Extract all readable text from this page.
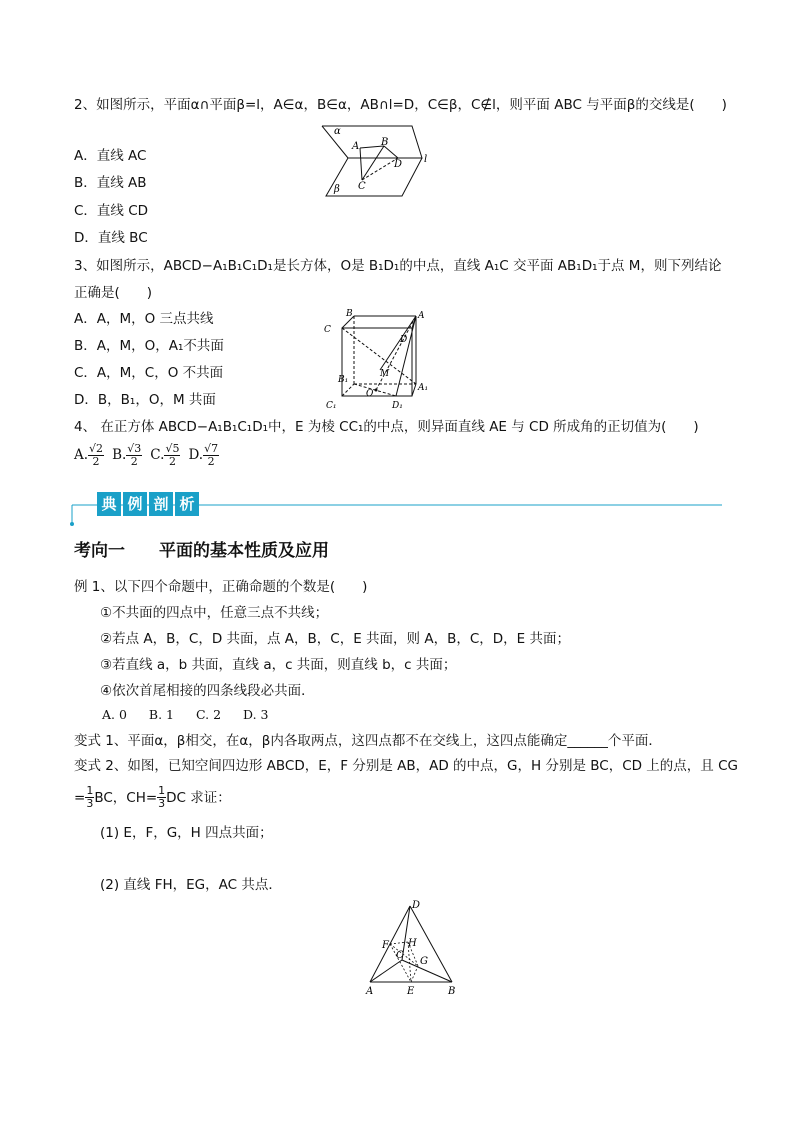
2、如图所示，平面α∩平面β=l，A∈α，B∈α，AB∩l=D，C∈β，C∉l，则平面 ABC 与平面β的交线是(　　)
A．直线 AC
B．直线 AB
C．直线 CD
D．直线 BC
α
A B
D l
C
β
3、如图所示，ABCD−A₁B₁C₁D₁是长方体，O是 B₁D₁的中点，直线 A₁C 交平面 AB₁D₁于点 M，则下列结论
正确是(　　)
A．A，M，O 三点共线
B．A，M，O，A₁不共面
C．A，M，C，O 不共面
D．B，B₁，O，M 共面
B	A
C
D
M
B₁
A₁
O
C₁	D₁
4、 在正方体 ABCD−A₁B₁C₁D₁中，E 为棱 CC₁的中点，则异面直线 AE 与 CD 所成角的正切值为(　　)
A. $\frac{√2}{2} B$. $\frac{√3}{2} C$. $\frac{√5}{2} D$. $\frac{√7}{2}$
典 例 剖 析
考向一　　平面的基本性质及应用
例 1、以下四个命题中，正确命题的个数是(　　)
①不共面的四点中，任意三点不共线；
②若点 A，B，C，D 共面，点 A，B，C，E 共面，则 A，B，C，D，E 共面；
③若直线 a，b 共面，直线 a，c 共面，则直线 b，c 共面；
④依次首尾相接的四条线段必共面．
A. 0 B. 1 C. 2 D. 3
变式 1、平面α，β相交，在α，β内各取两点，这四点都不在交线上，这四点能确定______个平面．
变式 2、如图，已知空间四边形 ABCD，E，F 分别是 AB，AD 的中点，G，H 分别是 BC，CD 上的点，且 CG
= $\frac{1}{3}$ BC，$CH= \frac{1}{3}$ DC 求证：
(1) E，F，G，H 四点共面；
(2) 直线 FH，EG，AC 共点．
D
F H
C
G
A	E	B
